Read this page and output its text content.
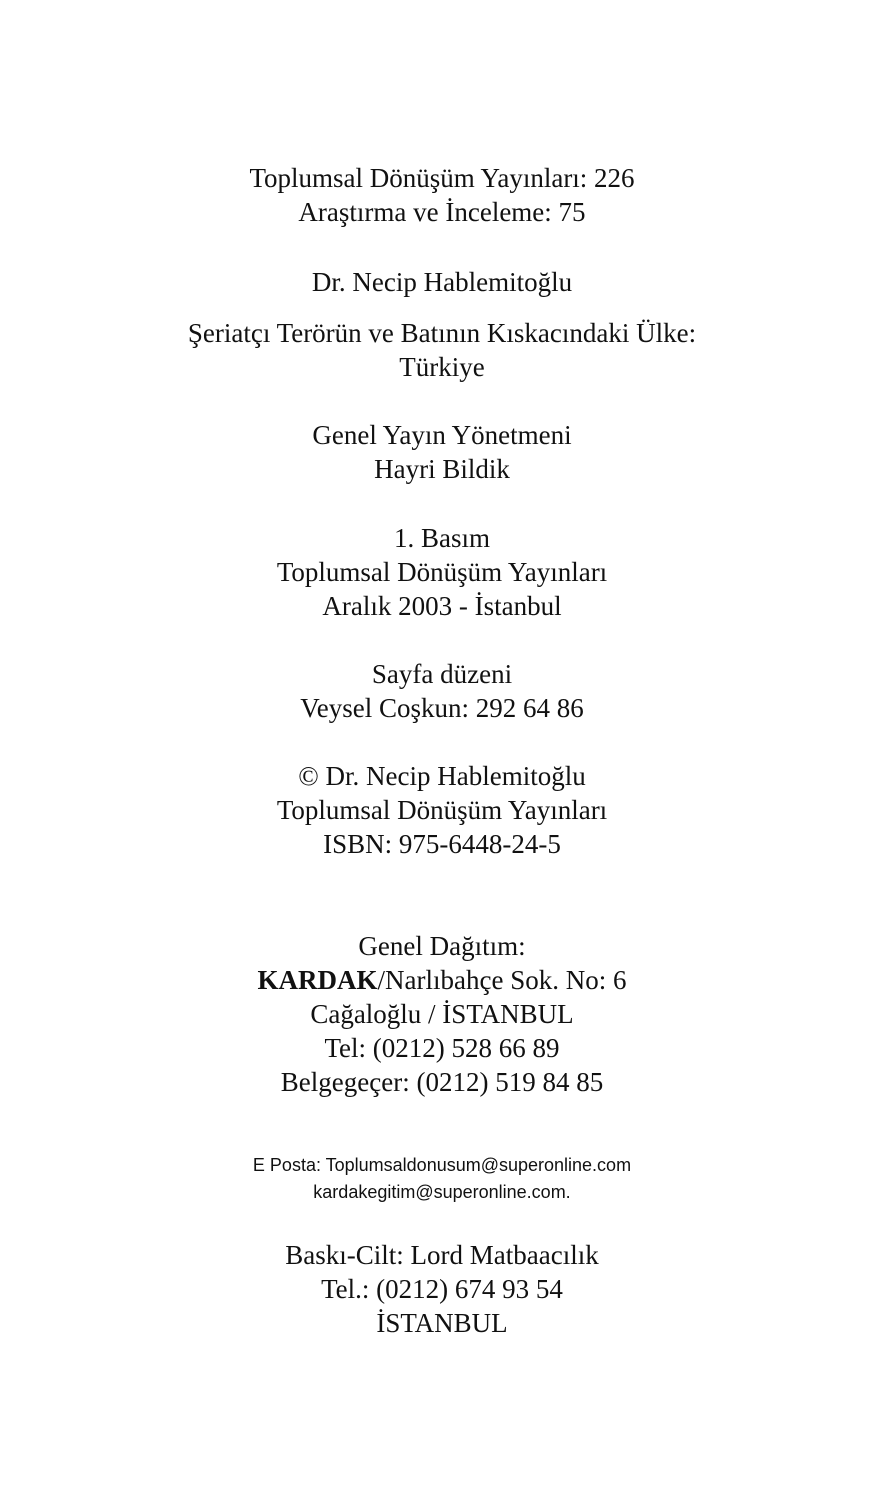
Toplumsal Dönüşüm Yayınları: 226
Araştırma ve İnceleme: 75
Dr. Necip Hablemitoğlu
Şeriatçı Terörün ve Batının Kıskacındaki Ülke:
Türkiye
Genel Yayın Yönetmeni
Hayri Bildik
1. Basım
Toplumsal Dönüşüm Yayınları
Aralık 2003 - İstanbul
Sayfa düzeni
Veysel Coşkun: 292 64 86
© Dr. Necip Hablemitoğlu
Toplumsal Dönüşüm Yayınları
ISBN: 975-6448-24-5
Genel Dağıtım:
KARDAK/Narlıbahçe Sok. No: 6
Cağaloğlu / İSTANBUL
Tel: (0212) 528 66 89
Belgegeçer: (0212) 519 84 85
E Posta: Toplumsaldonusum@superonline.com
kardakegitim@superonline.com.
Baskı-Cilt: Lord Matbaacılık
Tel.: (0212) 674 93 54
İSTANBUL
